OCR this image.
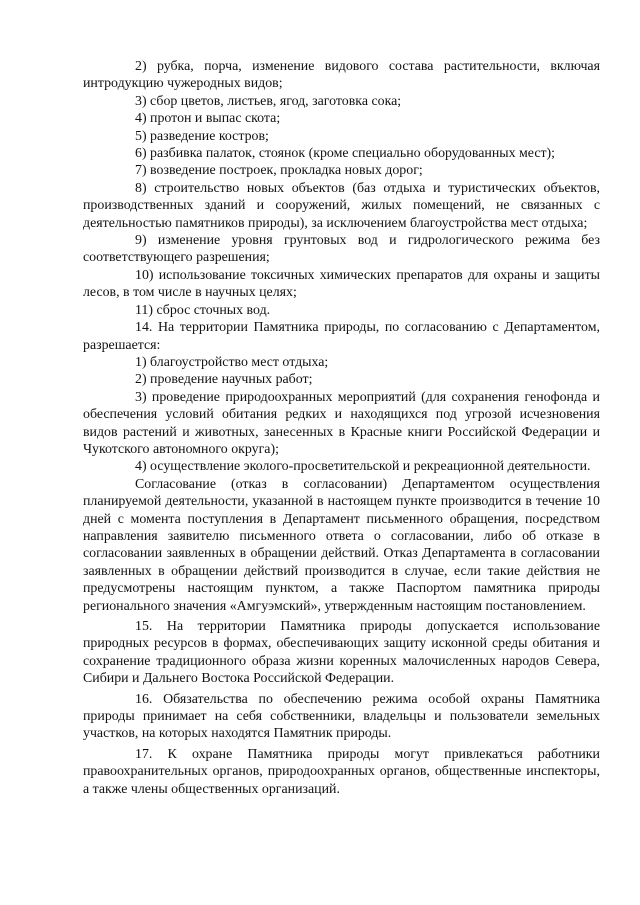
2) рубка, порча, изменение видового состава растительности, включая интродукцию чужеродных видов;

3) сбор цветов, листьев, ягод, заготовка сока;

4) протон и выпас скота;

5) разведение костров;

6) разбивка палаток, стоянок (кроме специально оборудованных мест);

7) возведение построек, прокладка новых дорог;

8) строительство новых объектов (баз отдыха и туристических объектов, производственных зданий и сооружений, жилых помещений, не связанных с деятельностью памятников природы), за исключением благоустройства мест отдыха;

9) изменение уровня грунтовых вод и гидрологического режима без соответствующего разрешения;

10) использование токсичных химических препаратов для охраны и защиты лесов, в том числе в научных целях;

11) сброс сточных вод.

14. На территории Памятника природы, по согласованию с Департаментом, разрешается:

1) благоустройство мест отдыха;

2) проведение научных работ;

3) проведение природоохранных мероприятий (для сохранения генофонда и обеспечения условий обитания редких и находящихся под угрозой исчезновения видов растений и животных, занесенных в Красные книги Российской Федерации и Чукотского автономного округа);

4) осуществление эколого-просветительской и рекреационной деятельности.

Согласование (отказ в согласовании) Департаментом осуществления планируемой деятельности, указанной в настоящем пункте производится в течение 10 дней с момента поступления в Департамент письменного обращения, посредством направления заявителю письменного ответа о согласовании, либо об отказе в согласовании заявленных в обращении действий. Отказ Департамента в согласовании заявленных в обращении действий производится в случае, если такие действия не предусмотрены настоящим пунктом, а также Паспортом памятника природы регионального значения «Амгуэмский», утвержденным настоящим постановлением.

15. На территории Памятника природы допускается использование природных ресурсов в формах, обеспечивающих защиту исконной среды обитания и сохранение традиционного образа жизни коренных малочисленных народов Севера, Сибири и Дальнего Востока Российской Федерации.

16. Обязательства по обеспечению режима особой охраны Памятника природы принимает на себя собственники, владельцы и пользователи земельных участков, на которых находятся Памятник природы.

17. К охране Памятника природы могут привлекаться работники правоохранительных органов, природоохранных органов, общественные инспекторы, а также члены общественных организаций.
